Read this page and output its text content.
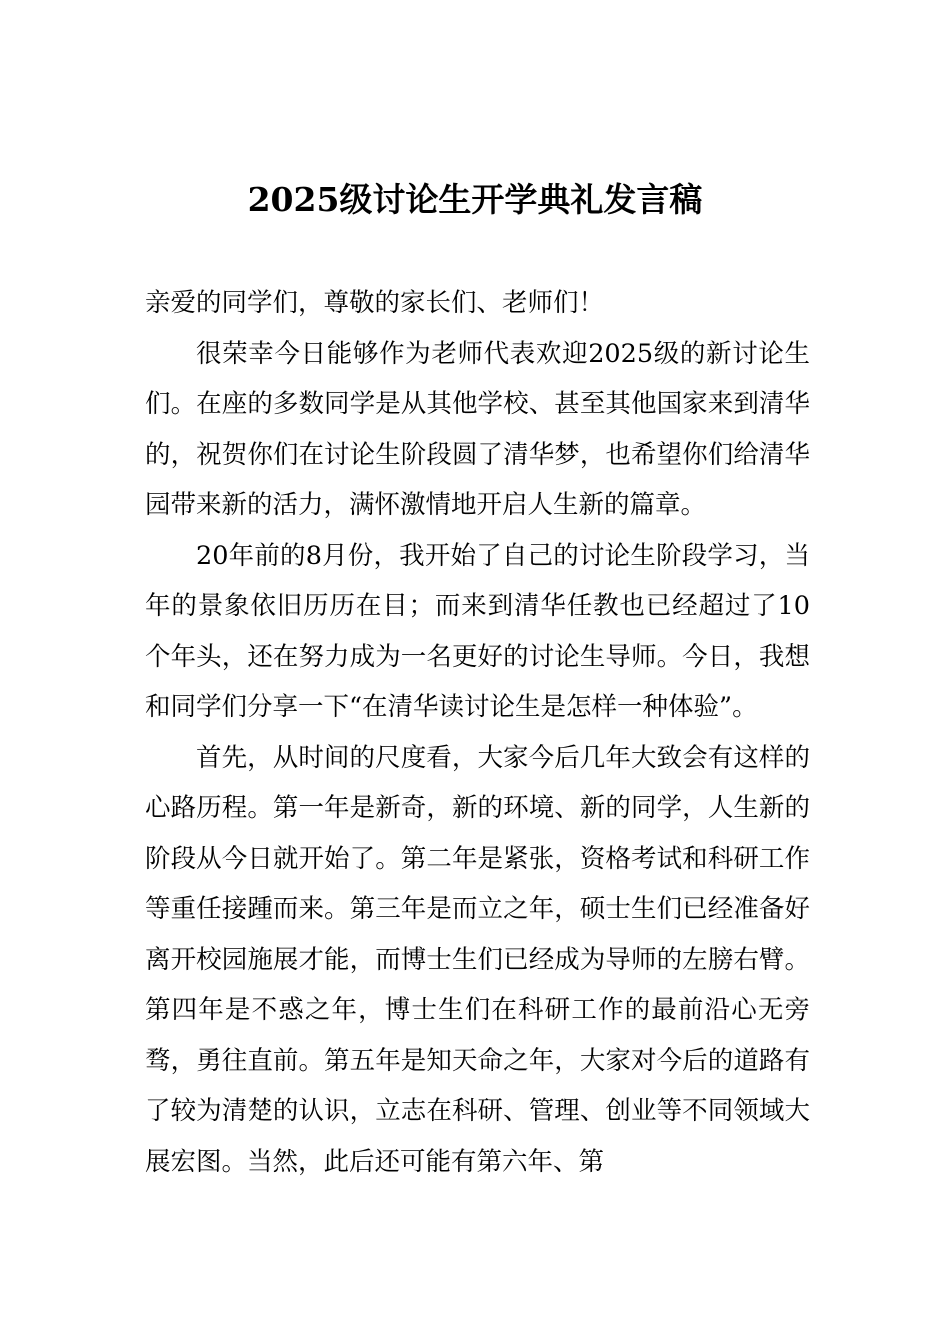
2025级讨论生开学典礼发言稿

亲爱的同学们，尊敬的家长们、老师们！

很荣幸今日能够作为老师代表欢迎2025级的新讨论生们。在座的多数同学是从其他学校、甚至其他国家来到清华的，祝贺你们在讨论生阶段圆了清华梦，也希望你们给清华园带来新的活力，满怀激情地开启人生新的篇章。

20年前的8月份，我开始了自己的讨论生阶段学习，当年的景象依旧历历在目；而来到清华任教也已经超过了10个年头，还在努力成为一名更好的讨论生导师。今日，我想和同学们分享一下“在清华读讨论生是怎样一种体验”。

首先，从时间的尺度看，大家今后几年大致会有这样的心路历程。第一年是新奇，新的环境、新的同学，人生新的阶段从今日就开始了。第二年是紧张，资格考试和科研工作等重任接踵而来。第三年是而立之年，硕士生们已经准备好离开校园施展才能，而博士生们已经成为导师的左膀右臂。第四年是不惑之年，博士生们在科研工作的最前沿心无旁骛，勇往直前。第五年是知天命之年，大家对今后的道路有了较为清楚的认识，立志在科研、管理、创业等不同领域大展宏图。当然，此后还可能有第六年、第
